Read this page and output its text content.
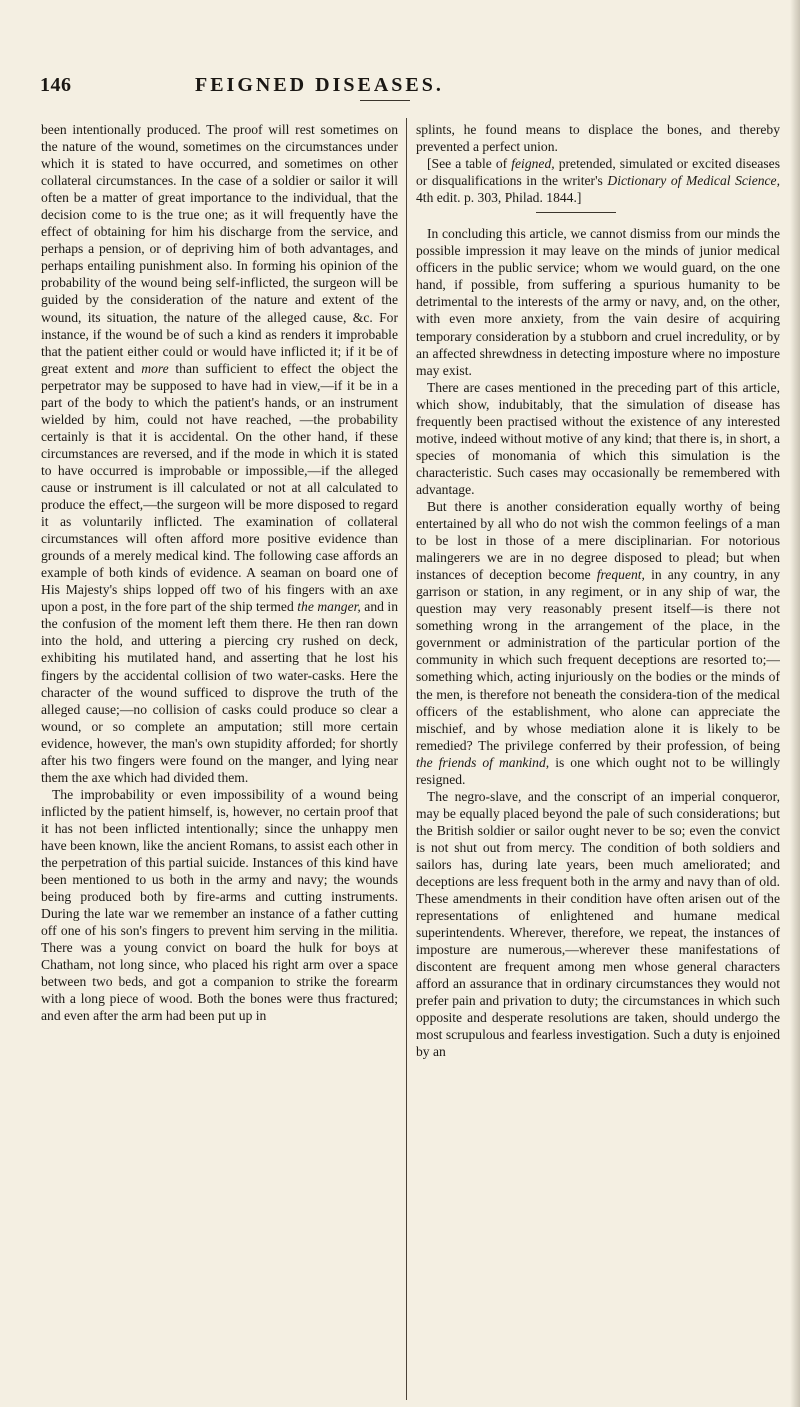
146	FEIGNED DISEASES.

been intentionally produced. The proof will rest sometimes on the nature of the wound, sometimes on the circumstances under which it is stated to have occurred, and sometimes on other collateral circumstances. In the case of a soldier or sailor it will often be a matter of great importance to the individual, that the decision come to is the true one; as it will frequently have the effect of obtaining for him his discharge from the service, and perhaps a pension, or of depriving him of both advantages, and perhaps entailing punishment also. In forming his opinion of the probability of the wound being self-inflicted, the surgeon will be guided by the consideration of the nature and extent of the wound, its situation, the nature of the alleged cause, &c. For instance, if the wound be of such a kind as renders it improbable that the patient either could or would have inflicted it; if it be of great extent and more than sufficient to effect the object the perpetrator may be supposed to have had in view,—if it be in a part of the body to which the patient's hands, or an instrument wielded by him, could not have reached, —the probability certainly is that it is accidental. On the other hand, if these circumstances are reversed, and if the mode in which it is stated to have occurred is improbable or impossible,—if the alleged cause or instrument is ill calculated or not at all calculated to produce the effect,—the surgeon will be more disposed to regard it as voluntarily inflicted. The examination of collateral circumstances will often afford more positive evidence than grounds of a merely medical kind. The following case affords an example of both kinds of evidence. A seaman on board one of His Majesty's ships lopped off two of his fingers with an axe upon a post, in the fore part of the ship termed the manger, and in the confusion of the moment left them there. He then ran down into the hold, and uttering a piercing cry rushed on deck, exhibiting his mutilated hand, and asserting that he lost his fingers by the accidental collision of two water-casks. Here the character of the wound sufficed to disprove the truth of the alleged cause;—no collision of casks could produce so clear a wound, or so complete an amputation; still more certain evidence, however, the man's own stupidity afforded; for shortly after his two fingers were found on the manger, and lying near them the axe which had divided them.

The improbability or even impossibility of a wound being inflicted by the patient himself, is, however, no certain proof that it has not been inflicted intentionally; since the unhappy men have been known, like the ancient Romans, to assist each other in the perpetration of this partial suicide. Instances of this kind have been mentioned to us both in the army and navy; the wounds being produced both by fire-arms and cutting instruments. During the late war we remember an instance of a father cutting off one of his son's fingers to prevent him serving in the militia. There was a young convict on board the hulk for boys at Chatham, not long since, who placed his right arm over a space between two beds, and got a companion to strike the forearm with a long piece of wood. Both the bones were thus fractured; and even after the arm had been put up in

splints, he found means to displace the bones, and thereby prevented a perfect union.

[See a table of feigned, pretended, simulated or excited diseases or disqualifications in the writer's Dictionary of Medical Science, 4th edit. p. 303, Philad. 1844.]

In concluding this article, we cannot dismiss from our minds the possible impression it may leave on the minds of junior medical officers in the public service; whom we would guard, on the one hand, if possible, from suffering a spurious humanity to be detrimental to the interests of the army or navy, and, on the other, with even more anxiety, from the vain desire of acquiring temporary consideration by a stubborn and cruel incredulity, or by an affected shrewdness in detecting imposture where no imposture may exist.

There are cases mentioned in the preceding part of this article, which show, indubitably, that the simulation of disease has frequently been practised without the existence of any interested motive, indeed without motive of any kind; that there is, in short, a species of monomania of which this simulation is the characteristic. Such cases may occasionally be remembered with advantage.

But there is another consideration equally worthy of being entertained by all who do not wish the common feelings of a man to be lost in those of a mere disciplinarian. For notorious malingerers we are in no degree disposed to plead; but when instances of deception become frequent, in any country, in any garrison or station, in any regiment, or in any ship of war, the question may very reasonably present itself—is there not something wrong in the arrangement of the place, in the government or administration of the particular portion of the community in which such frequent deceptions are resorted to;—something which, acting injuriously on the bodies or the minds of the men, is therefore not beneath the considera-tion of the medical officers of the establishment, who alone can appreciate the mischief, and by whose mediation alone it is likely to be remedied? The privilege conferred by their profession, of being the friends of mankind, is one which ought not to be willingly resigned.

The negro-slave, and the conscript of an imperial conqueror, may be equally placed beyond the pale of such considerations; but the British soldier or sailor ought never to be so; even the convict is not shut out from mercy. The condition of both soldiers and sailors has, during late years, been much ameliorated; and deceptions are less frequent both in the army and navy than of old. These amendments in their condition have often arisen out of the representations of enlightened and humane medical superintendents. Wherever, therefore, we repeat, the instances of imposture are numerous,—wherever these manifestations of discontent are frequent among men whose general characters afford an assurance that in ordinary circumstances they would not prefer pain and privation to duty; the circumstances in which such opposite and desperate resolutions are taken, should undergo the most scrupulous and fearless investigation. Such a duty is enjoined by an
